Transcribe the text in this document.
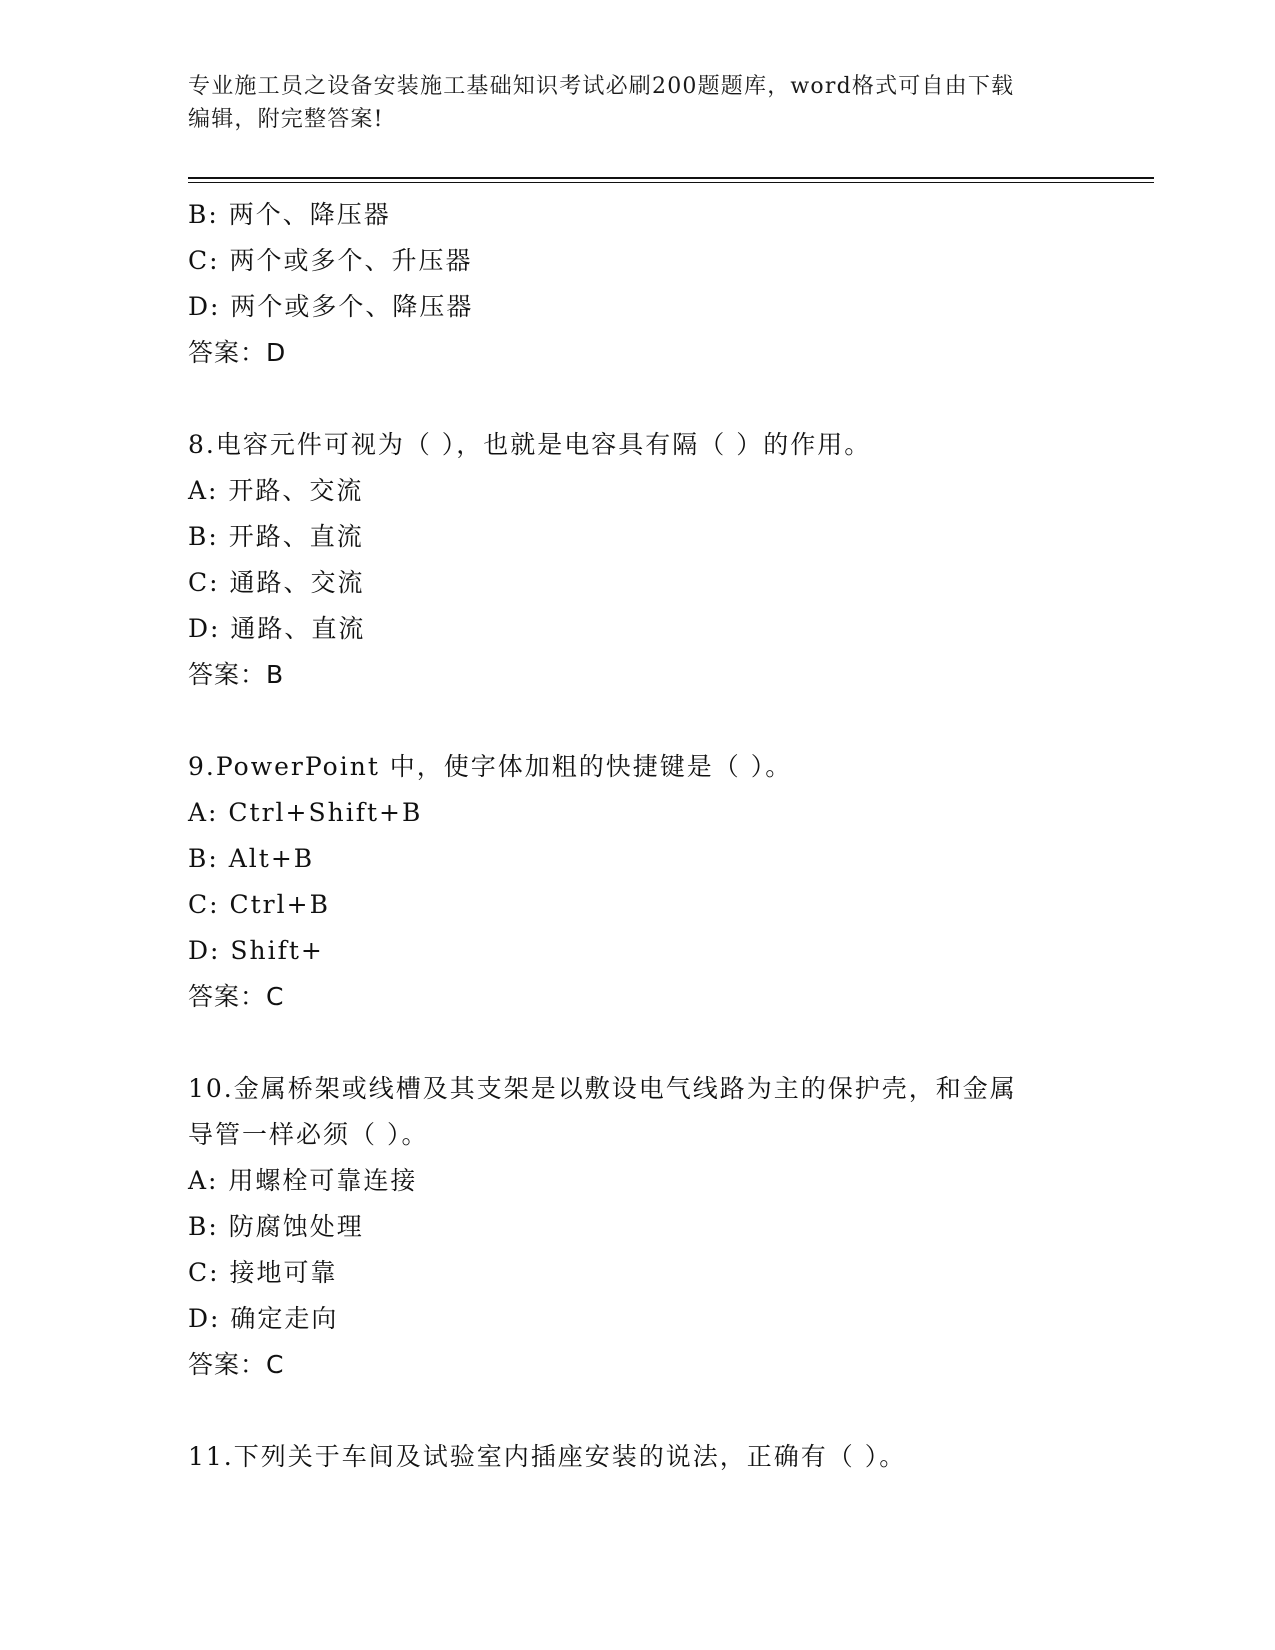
专业施工员之设备安装施工基础知识考试必刷200题题库，word格式可自由下载
编辑，附完整答案!

B: 两个、降压器

C: 两个或多个、升压器

D: 两个或多个、降压器

答案：D

8.电容元件可视为（ ），也就是电容具有隔（ ）的作用。

A: 开路、交流

B: 开路、直流

C: 通路、交流

D: 通路、直流

答案：B

9.PowerPoint 中，使字体加粗的快捷键是（ ）。

A: Ctrl+Shift+B

B: Alt+B

C: Ctrl+B

D: Shift+

答案：C

10.金属桥架或线槽及其支架是以敷设电气线路为主的保护壳，和金属

导管一样必须（ ）。

A: 用螺栓可靠连接

B: 防腐蚀处理

C: 接地可靠

D: 确定走向

答案：C

11.下列关于车间及试验室内插座安装的说法，正确有（ ）。
